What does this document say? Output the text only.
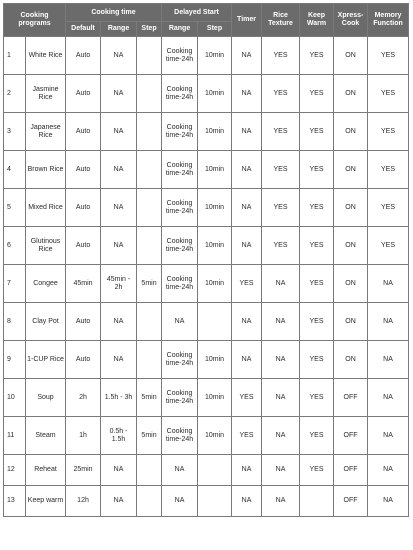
Cooking programs		Cooking time			Delayed Start		Timer	Rice Texture	Keep Warm	Xpress-Cook	Memory Function
		Default	Range	Step	Range	Step					
1	White Rice	Auto	NA		Cooking time-24h	10min	NA	YES	YES	ON	YES
2	Jasmine Rice	Auto	NA		Cooking time-24h	10min	NA	YES	YES	ON	YES
3	Japanese Rice	Auto	NA		Cooking time-24h	10min	NA	YES	YES	ON	YES
4	Brown Rice	Auto	NA		Cooking time-24h	10min	NA	YES	YES	ON	YES
5	Mixed Rice	Auto	NA		Cooking time-24h	10min	NA	YES	YES	ON	YES
6	Glutinous Rice	Auto	NA		Cooking time-24h	10min	NA	YES	YES	ON	YES
7	Congee	45min	45min - 2h	5min	Cooking time-24h	10min	YES	NA	YES	ON	NA
8	Clay Pot	Auto	NA		NA		NA	NA	YES	ON	NA
9	1-CUP Rice	Auto	NA		Cooking time-24h	10min	NA	NA	YES	ON	NA
10	Soup	2h	1.5h - 3h	5min	Cooking time-24h	10min	YES	NA	YES	OFF	NA
11	Steam	1h	0.5h - 1.5h	5min	Cooking time-24h	10min	YES	NA	YES	OFF	NA
12	Reheat	25min	NA		NA		NA	NA	YES	OFF	NA
13	Keep warm	12h	NA		NA		NA	NA		OFF	NA
